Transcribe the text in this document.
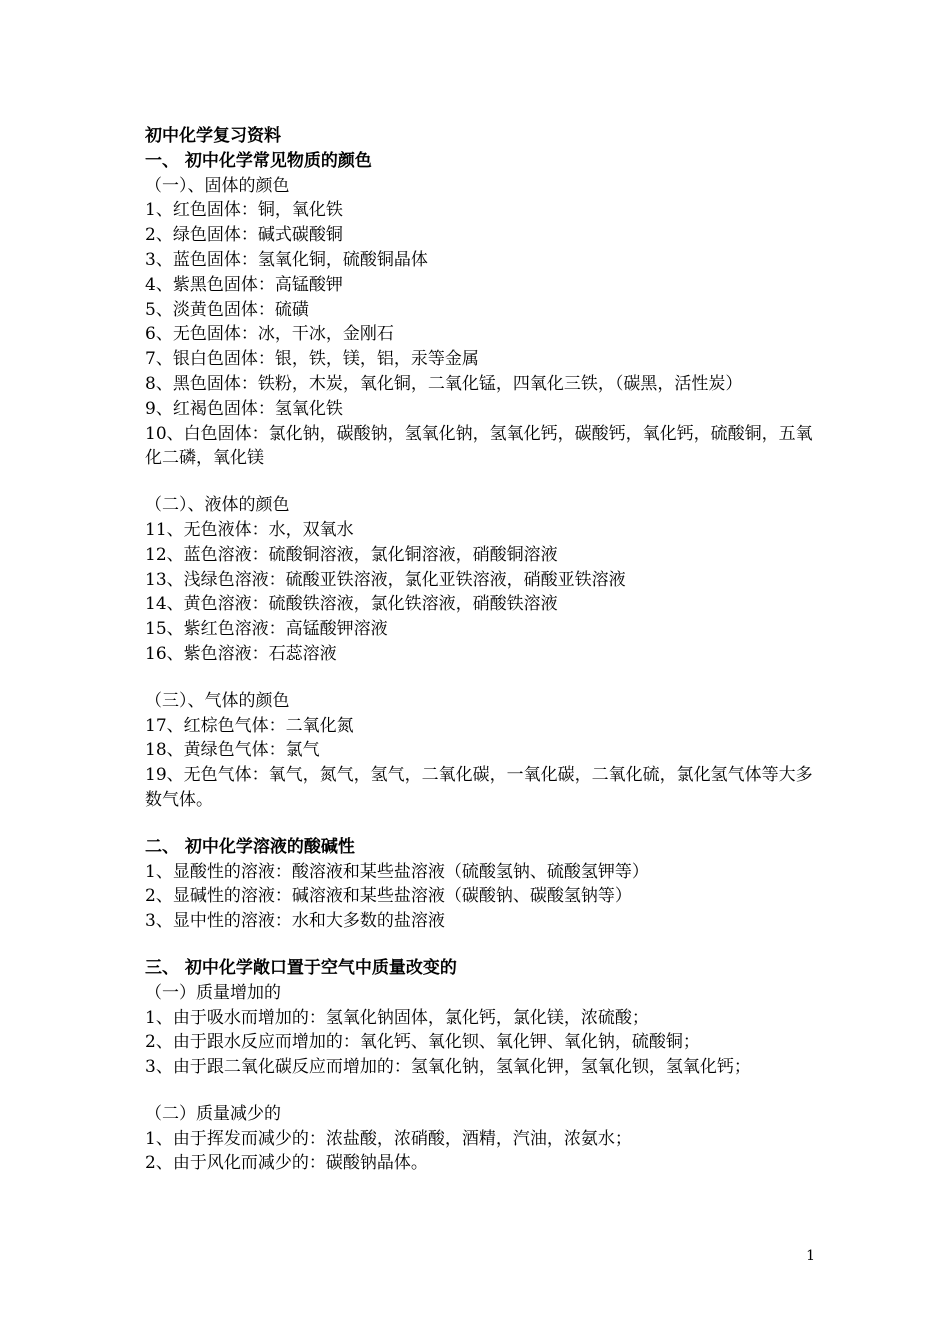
初中化学复习资料
一、 初中化学常见物质的颜色
（一）、固体的颜色
1、红色固体：铜，氧化铁
2、绿色固体：碱式碳酸铜
3、蓝色固体：氢氧化铜，硫酸铜晶体
4、紫黑色固体：高锰酸钾
5、淡黄色固体：硫磺
6、无色固体：冰，干冰，金刚石
7、银白色固体：银，铁，镁，铝，汞等金属
8、黑色固体：铁粉，木炭，氧化铜，二氧化锰，四氧化三铁，（碳黑，活性炭）
9、红褐色固体：氢氧化铁
10、白色固体：氯化钠，碳酸钠，氢氧化钠，氢氧化钙，碳酸钙，氧化钙，硫酸铜，五氧化二磷，氧化镁
（二）、液体的颜色
11、无色液体：水，双氧水
12、蓝色溶液：硫酸铜溶液，氯化铜溶液，硝酸铜溶液
13、浅绿色溶液：硫酸亚铁溶液，氯化亚铁溶液，硝酸亚铁溶液
14、黄色溶液：硫酸铁溶液，氯化铁溶液，硝酸铁溶液
15、紫红色溶液：高锰酸钾溶液
16、紫色溶液：石蕊溶液
（三）、气体的颜色
17、红棕色气体：二氧化氮
18、黄绿色气体：氯气
19、无色气体：氧气，氮气，氢气，二氧化碳，一氧化碳，二氧化硫，氯化氢气体等大多数气体。
二、 初中化学溶液的酸碱性
1、显酸性的溶液：酸溶液和某些盐溶液（硫酸氢钠、硫酸氢钾等）
2、显碱性的溶液：碱溶液和某些盐溶液（碳酸钠、碳酸氢钠等）
3、显中性的溶液：水和大多数的盐溶液
三、 初中化学敞口置于空气中质量改变的
（一）质量增加的
1、由于吸水而增加的：氢氧化钠固体，氯化钙，氯化镁，浓硫酸；
2、由于跟水反应而增加的：氧化钙、氧化钡、氧化钾、氧化钠，硫酸铜；
3、由于跟二氧化碳反应而增加的：氢氧化钠，氢氧化钾，氢氧化钡，氢氧化钙；
（二）质量减少的
1、由于挥发而减少的：浓盐酸，浓硝酸，酒精，汽油，浓氨水；
2、由于风化而减少的：碳酸钠晶体。
1
